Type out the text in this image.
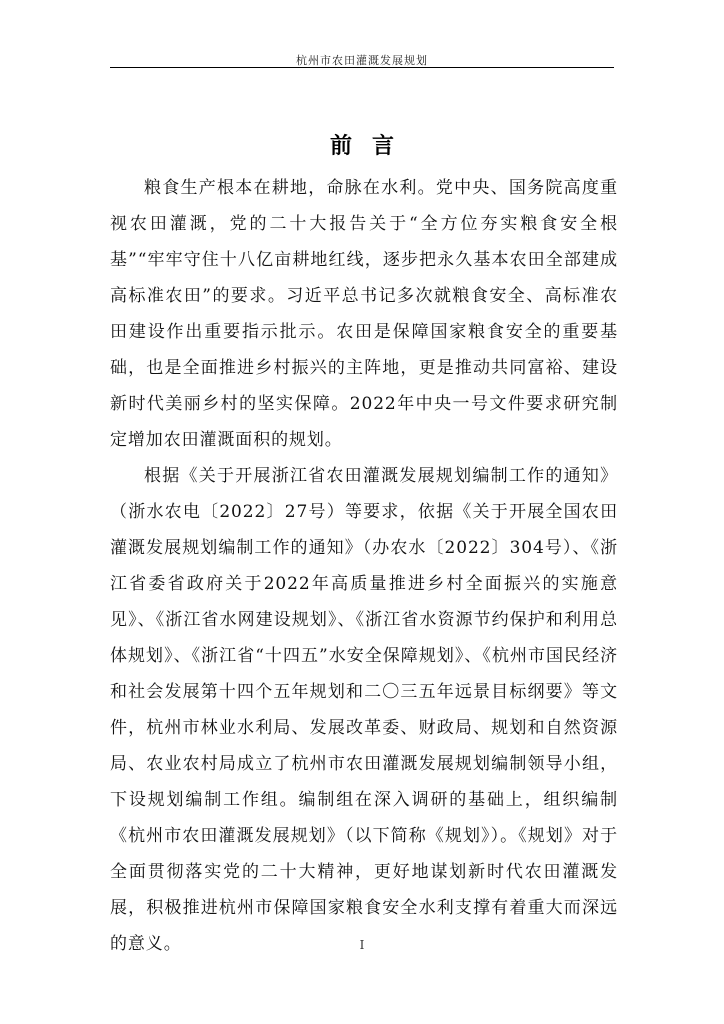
杭州市农田灌溉发展规划
前言

粮食生产根本在耕地，命脉在水利。党中央、国务院高度重视农田灌溉，党的二十大报告关于“全方位夯实粮食安全根基”“牢牢守住十八亿亩耕地红线，逐步把永久基本农田全部建成高标准农田”的要求。习近平总书记多次就粮食安全、高标准农田建设作出重要指示批示。农田是保障国家粮食安全的重要基础，也是全面推进乡村振兴的主阵地，更是推动共同富裕、建设新时代美丽乡村的坚实保障。2022年中央一号文件要求研究制定增加农田灌溉面积的规划。

根据《关于开展浙江省农田灌溉发展规划编制工作的通知》（浙水农电〔2022〕27号）等要求，依据《关于开展全国农田灌溉发展规划编制工作的通知》（办农水〔2022〕304号）、《浙江省委省政府关于2022年高质量推进乡村全面振兴的实施意见》、《浙江省水网建设规划》、《浙江省水资源节约保护和利用总体规划》、《浙江省“十四五”水安全保障规划》、《杭州市国民经济和社会发展第十四个五年规划和二〇三五年远景目标纲要》等文件，杭州市林业水利局、发展改革委、财政局、规划和自然资源局、农业农村局成立了杭州市农田灌溉发展规划编制领导小组，下设规划编制工作组。编制组在深入调研的基础上，组织编制《杭州市农田灌溉发展规划》（以下简称《规划》）。《规划》对于全面贯彻落实党的二十大精神，更好地谋划新时代农田灌溉发展，积极推进杭州市保障国家粮食安全水利支撑有着重大而深远的意义。	I
